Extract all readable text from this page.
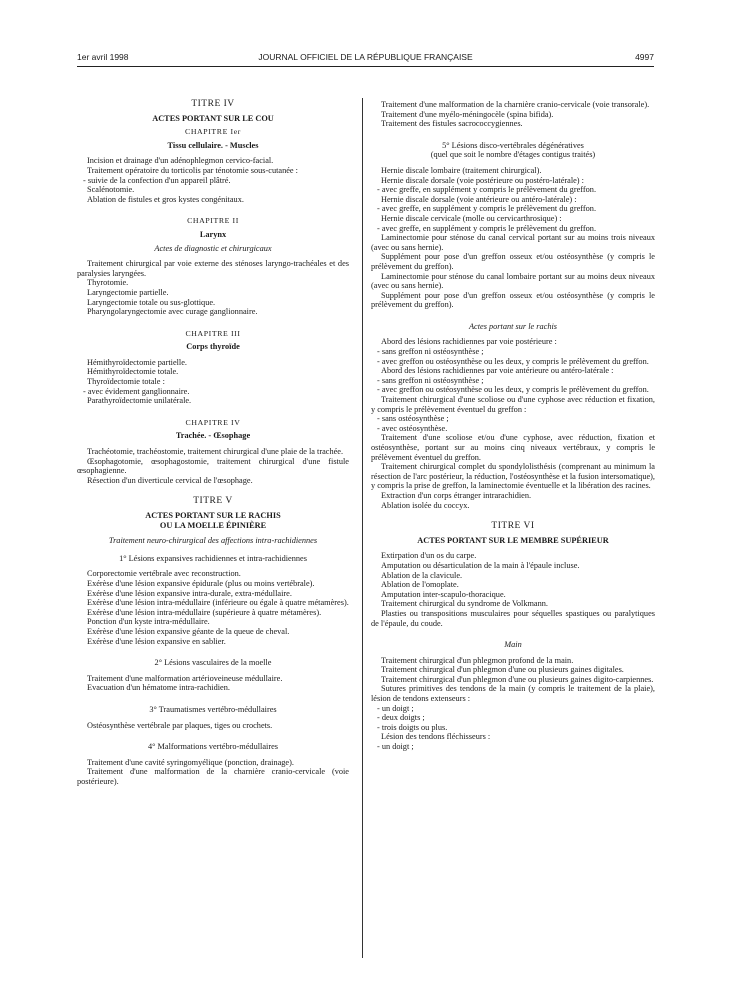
1er avril 1998	JOURNAL OFFICIEL DE LA RÉPUBLIQUE FRANÇAISE	4997
TITRE IV
ACTES PORTANT SUR LE COU
CHAPITRE Ier
Tissu cellulaire. - Muscles
Incision et drainage d'un adénophlegmon cervico-facial.
Traitement opératoire du torticolis par ténotomie sous-cutanée :
- suivie de la confection d'un appareil plâtré.
Scalénotomie.
Ablation de fistules et gros kystes congénitaux.
CHAPITRE II
Larynx
Actes de diagnostic et chirurgicaux
Traitement chirurgical par voie externe des sténoses laryngo-trachéales et des paralysies laryngées.
Thyrotomie.
Laryngectomie partielle.
Laryngectomie totale ou sus-glottique.
Pharyngolaryngectomie avec curage ganglionnaire.
CHAPITRE III
Corps thyroïde
Hémithyroïdectomie partielle.
Hémithyroïdectomie totale.
Thyroïdectomie totale :
- avec évidement ganglionnaire.
Parathyroïdectomie unilatérale.
CHAPITRE IV
Trachée. - Œsophage
Trachéotomie, trachéostomie, traitement chirurgical d'une plaie de la trachée.
Œsophagotomie, œsophagostomie, traitement chirurgical d'une fistule œsophagienne.
Résection d'un diverticule cervical de l'œsophage.
TITRE V
ACTES PORTANT SUR LE RACHIS
OU LA MOELLE ÉPINIÈRE
Traitement neuro-chirurgical des affections intra-rachidiennes
1° Lésions expansives rachidiennes et intra-rachidiennes
Corporectomie vertébrale avec reconstruction.
Exérèse d'une lésion expansive épidurale (plus ou moins vertébrale).
Exérèse d'une lésion expansive intra-durale, extra-médullaire.
Exérèse d'une lésion intra-médullaire (inférieure ou égale à quatre métamères).
Exérèse d'une lésion intra-médullaire (supérieure à quatre métamères).
Ponction d'un kyste intra-médullaire.
Exérèse d'une lésion expansive géante de la queue de cheval.
Exérèse d'une lésion expansive en sablier.
2° Lésions vasculaires de la moelle
Traitement d'une malformation artérioveineuse médullaire.
Evacuation d'un hématome intra-rachidien.
3° Traumatismes vertébro-médullaires
Ostéosynthèse vertébrale par plaques, tiges ou crochets.
4° Malformations vertébro-médullaires
Traitement d'une cavité syringomyélique (ponction, drainage).
Traitement d'une malformation de la charnière cranio-cervicale (voie postérieure).
Traitement d'une malformation de la charnière cranio-cervicale (voie transorale).
Traitement d'une myélo-méningocèle (spina bifida).
Traitement des fistules sacrococcygiennes.
5° Lésions disco-vertébrales dégénératives
(quel que soit le nombre d'étages contigus traités)
Hernie discale lombaire (traitement chirurgical).
Hernie discale dorsale (voie postérieure ou postéro-latérale) :
- avec greffe, en supplément y compris le prélèvement du greffon.
Hernie discale dorsale (voie antérieure ou antéro-latérale) :
- avec greffe, en supplément y compris le prélèvement du greffon.
Hernie discale cervicale (molle ou cervicarthrosique) :
- avec greffe, en supplément y compris le prélèvement du greffon.
Laminectomie pour sténose du canal cervical portant sur au moins trois niveaux (avec ou sans hernie).
Supplément pour pose d'un greffon osseux et/ou ostéosynthèse (y compris le prélèvement du greffon).
Laminectomie pour sténose du canal lombaire portant sur au moins deux niveaux (avec ou sans hernie).
Supplément pour pose d'un greffon osseux et/ou ostéosynthèse (y compris le prélèvement du greffon).
Actes portant sur le rachis
Abord des lésions rachidiennes par voie postérieure :
- sans greffon ni ostéosynthèse ;
- avec greffon ou ostéosynthèse ou les deux, y compris le prélèvement du greffon.
Abord des lésions rachidiennes par voie antérieure ou antéro-latérale :
- sans greffon ni ostéosynthèse ;
- avec greffon ou ostéosynthèse ou les deux, y compris le prélèvement du greffon.
Traitement chirurgical d'une scoliose ou d'une cyphose avec réduction et fixation, y compris le prélèvement éventuel du greffon :
- sans ostéosynthèse ;
- avec ostéosynthèse.
Traitement d'une scoliose et/ou d'une cyphose, avec réduction, fixation et ostéosynthèse, portant sur au moins cinq niveaux vertébraux, y compris le prélèvement éventuel du greffon.
Traitement chirurgical complet du spondylolisthésis (comprenant au minimum la résection de l'arc postérieur, la réduction, l'ostéosynthèse et la fusion intersomatique), y compris la prise de greffon, la laminectomie éventuelle et la libération des racines.
Extraction d'un corps étranger intrarachidien.
Ablation isolée du coccyx.
TITRE VI
ACTES PORTANT SUR LE MEMBRE SUPÉRIEUR
Extirpation d'un os du carpe.
Amputation ou désarticulation de la main à l'épaule incluse.
Ablation de la clavicule.
Ablation de l'omoplate.
Amputation inter-scapulo-thoracique.
Traitement chirurgical du syndrome de Volkmann.
Plasties ou transpositions musculaires pour séquelles spastiques ou paralytiques de l'épaule, du coude.
Main
Traitement chirurgical d'un phlegmon profond de la main.
Traitement chirurgical d'un phlegmon d'une ou plusieurs gaines digitales.
Traitement chirurgical d'un phlegmon d'une ou plusieurs gaines digito-carpiennes.
Sutures primitives des tendons de la main (y compris le traitement de la plaie), lésion de tendons extenseurs :
- un doigt ;
- deux doigts ;
- trois doigts ou plus.
Lésion des tendons fléchisseurs :
- un doigt ;
